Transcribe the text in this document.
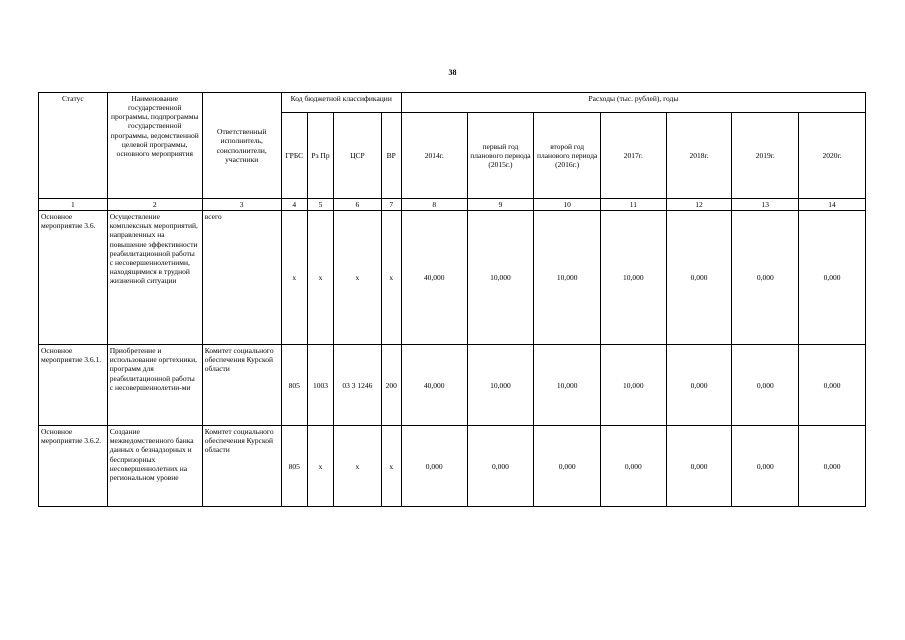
38
Статус	Наименование государственной программы, подпрограммы государственной программы, ведомственной целевой программы, основного мероприятия	Ответственный исполнитель, соисполнители, участники	Код бюджетной классификации				Расходы (тыс. рублей), годы						
			ГРБС	Рз Пр	ЦСР	ВР	2014г.	первый год планового периода (2015г.)	второй год планового периода (2016г.)	2017г.	2018г.	2019г.	2020г.
1	2	3	4	5	6	7	8	9	10	11	12	13	14
Основное мероприятие 3.6.	Осуществление комплексных мероприятий, направленных на повышение эффективности реабилитационной работы с несовершеннолетними, находящимися в трудной жизненной ситуации	всего	x	x	x	x	40,000	10,000	10,000	10,000	0,000	0,000	0,000
Основное мероприятие 3.6.1.	Приобретение и использование оргтехники, программ для реабилитационной работы с несовершеннолетни-ми	Комитет социального обеспечения Курской области	805	1003	03 3 1246	200	40,000	10,000	10,000	10,000	0,000	0,000	0,000
Основное мероприятие 3.6.2.	Создание межведомственного банка данных о безнадзорных и беспризорных несовершеннолетних на региональном уровне	Комитет социального обеспечения Курской области	805	x	x	x	0,000	0,000	0,000	0,000	0,000	0,000	0,000
